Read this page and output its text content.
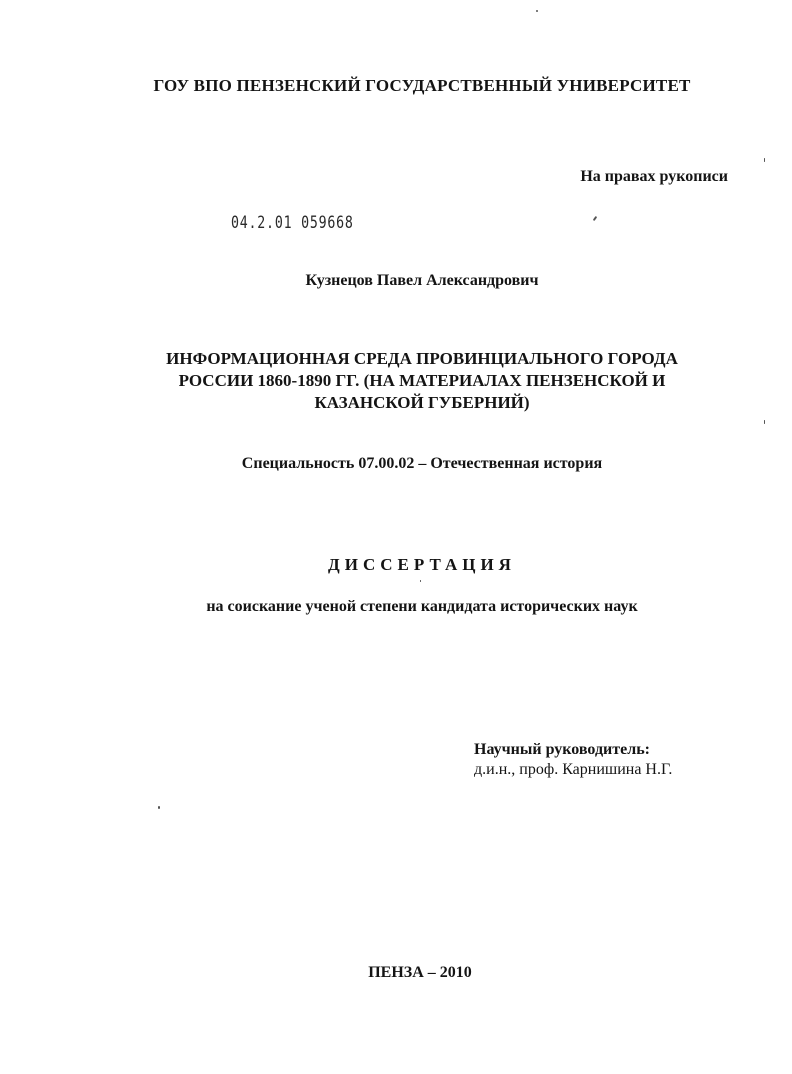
ГОУ ВПО ПЕНЗЕНСКИЙ ГОСУДАРСТВЕННЫЙ УНИВЕРСИТЕТ
На правах рукописи
04.2.01 059668
Кузнецов Павел Александрович
ИНФОРМАЦИОННАЯ СРЕДА ПРОВИНЦИАЛЬНОГО ГОРОДА
РОССИИ 1860-1890 ГГ. (НА МАТЕРИАЛАХ ПЕНЗЕНСКОЙ И
КАЗАНСКОЙ ГУБЕРНИЙ)
Специальность 07.00.02 – Отечественная история
ДИССЕРТАЦИЯ
на соискание ученой степени кандидата исторических наук
Научный руководитель:
д.и.н., проф. Карнишина Н.Г.
ПЕНЗА – 2010
